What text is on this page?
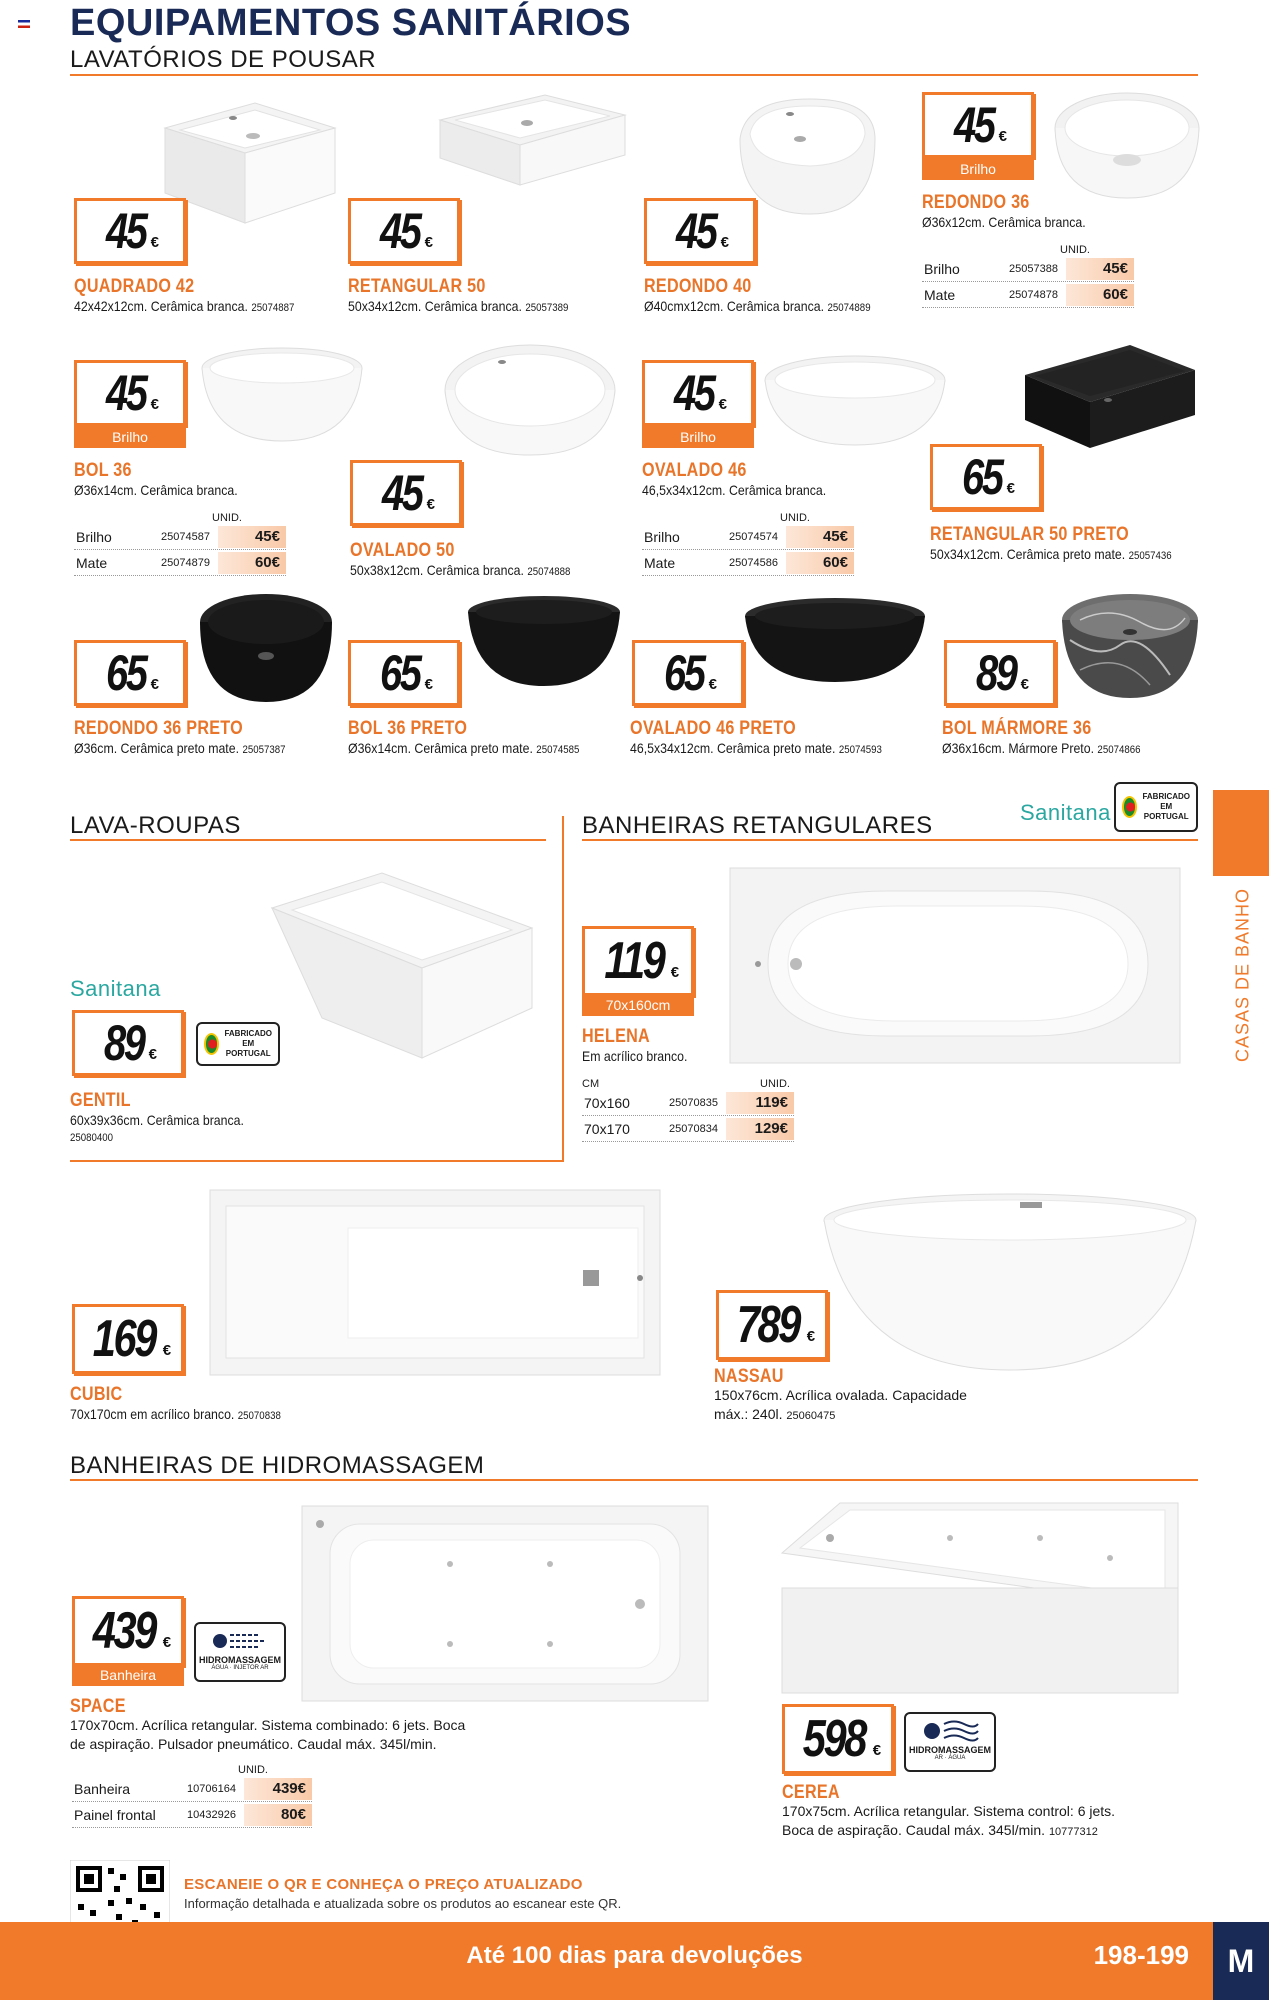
EQUIPAMENTOS SANITÁRIOS
LAVATÓRIOS DE POUSAR
45 €
QUADRADO 42
42x42x12cm. Cerâmica branca. 25074887
45 €
RETANGULAR 50
50x34x12cm. Cerâmica branca. 25057389
45 €
REDONDO 40
Ø40cmx12cm. Cerâmica branca. 25074889
45 €
Brilho
REDONDO 36
Ø36x12cm. Cerâmica branca.
UNID.
Brilho	25057388	45€
Mate	25074878	60€
45 €
Brilho
BOL 36
Ø36x14cm. Cerâmica branca.
UNID.
Brilho	25074587	45€
Mate	25074879	60€
45 €
OVALADO 50
50x38x12cm. Cerâmica branca. 25074888
45 €
Brilho
OVALADO 46
46,5x34x12cm. Cerâmica branca.
UNID.
Brilho	25074574	45€
Mate	25074586	60€
65 €
RETANGULAR 50 PRETO
50x34x12cm. Cerâmica preto mate. 25057436
65 €
REDONDO 36 PRETO
Ø36cm. Cerâmica preto mate. 25057387
65 €
BOL 36 PRETO
Ø36x14cm. Cerâmica preto mate. 25074585
65 €
OVALADO 46 PRETO
46,5x34x12cm. Cerâmica preto mate. 25074593
89 €
BOL MÁRMORE 36
Ø36x16cm. Mármore Preto. 25074866
LAVA-ROUPAS
Sanitana
89 €
FABRICADO EM
PORTUGAL
GENTIL
60x39x36cm. Cerâmica branca.
25080400
BANHEIRAS RETANGULARES	Sanitana
FABRICADO EM
PORTUGAL
119 €
70x160cm
HELENA
Em acrílico branco.
CM	UNID.
70x160	25070835	119€
70x170	25070834	129€
169 €
CUBIC
70x170cm em acrílico branco. 25070838
789 €
NASSAU
150x76cm. Acrílica ovalada. Capacidade
máx.: 240l. 25060475
BANHEIRAS DE HIDROMASSAGEM
439 €
Banheira
HIDROMASSAGEM
ÁGUA · INJETOR AR
SPACE
170x70cm. Acrílica retangular. Sistema combinado: 6 jets. Boca
de aspiração. Pulsador pneumático. Caudal máx. 345l/min.
UNID.
Banheira	10706164	439€
Painel frontal	10432926	80€
598 €	HIDROMASSAGEM
AR · ÁGUA
CEREA
170x75cm. Acrílica retangular. Sistema control: 6 jets.
Boca de aspiração. Caudal máx. 345l/min. 10777312
ESCANEIE O QR E CONHEÇA O PREÇO ATUALIZADO
Informação detalhada e atualizada sobre os produtos ao escanear este QR.
CASAS DE BANHO
Até 100 dias para devoluções	198-199	M
